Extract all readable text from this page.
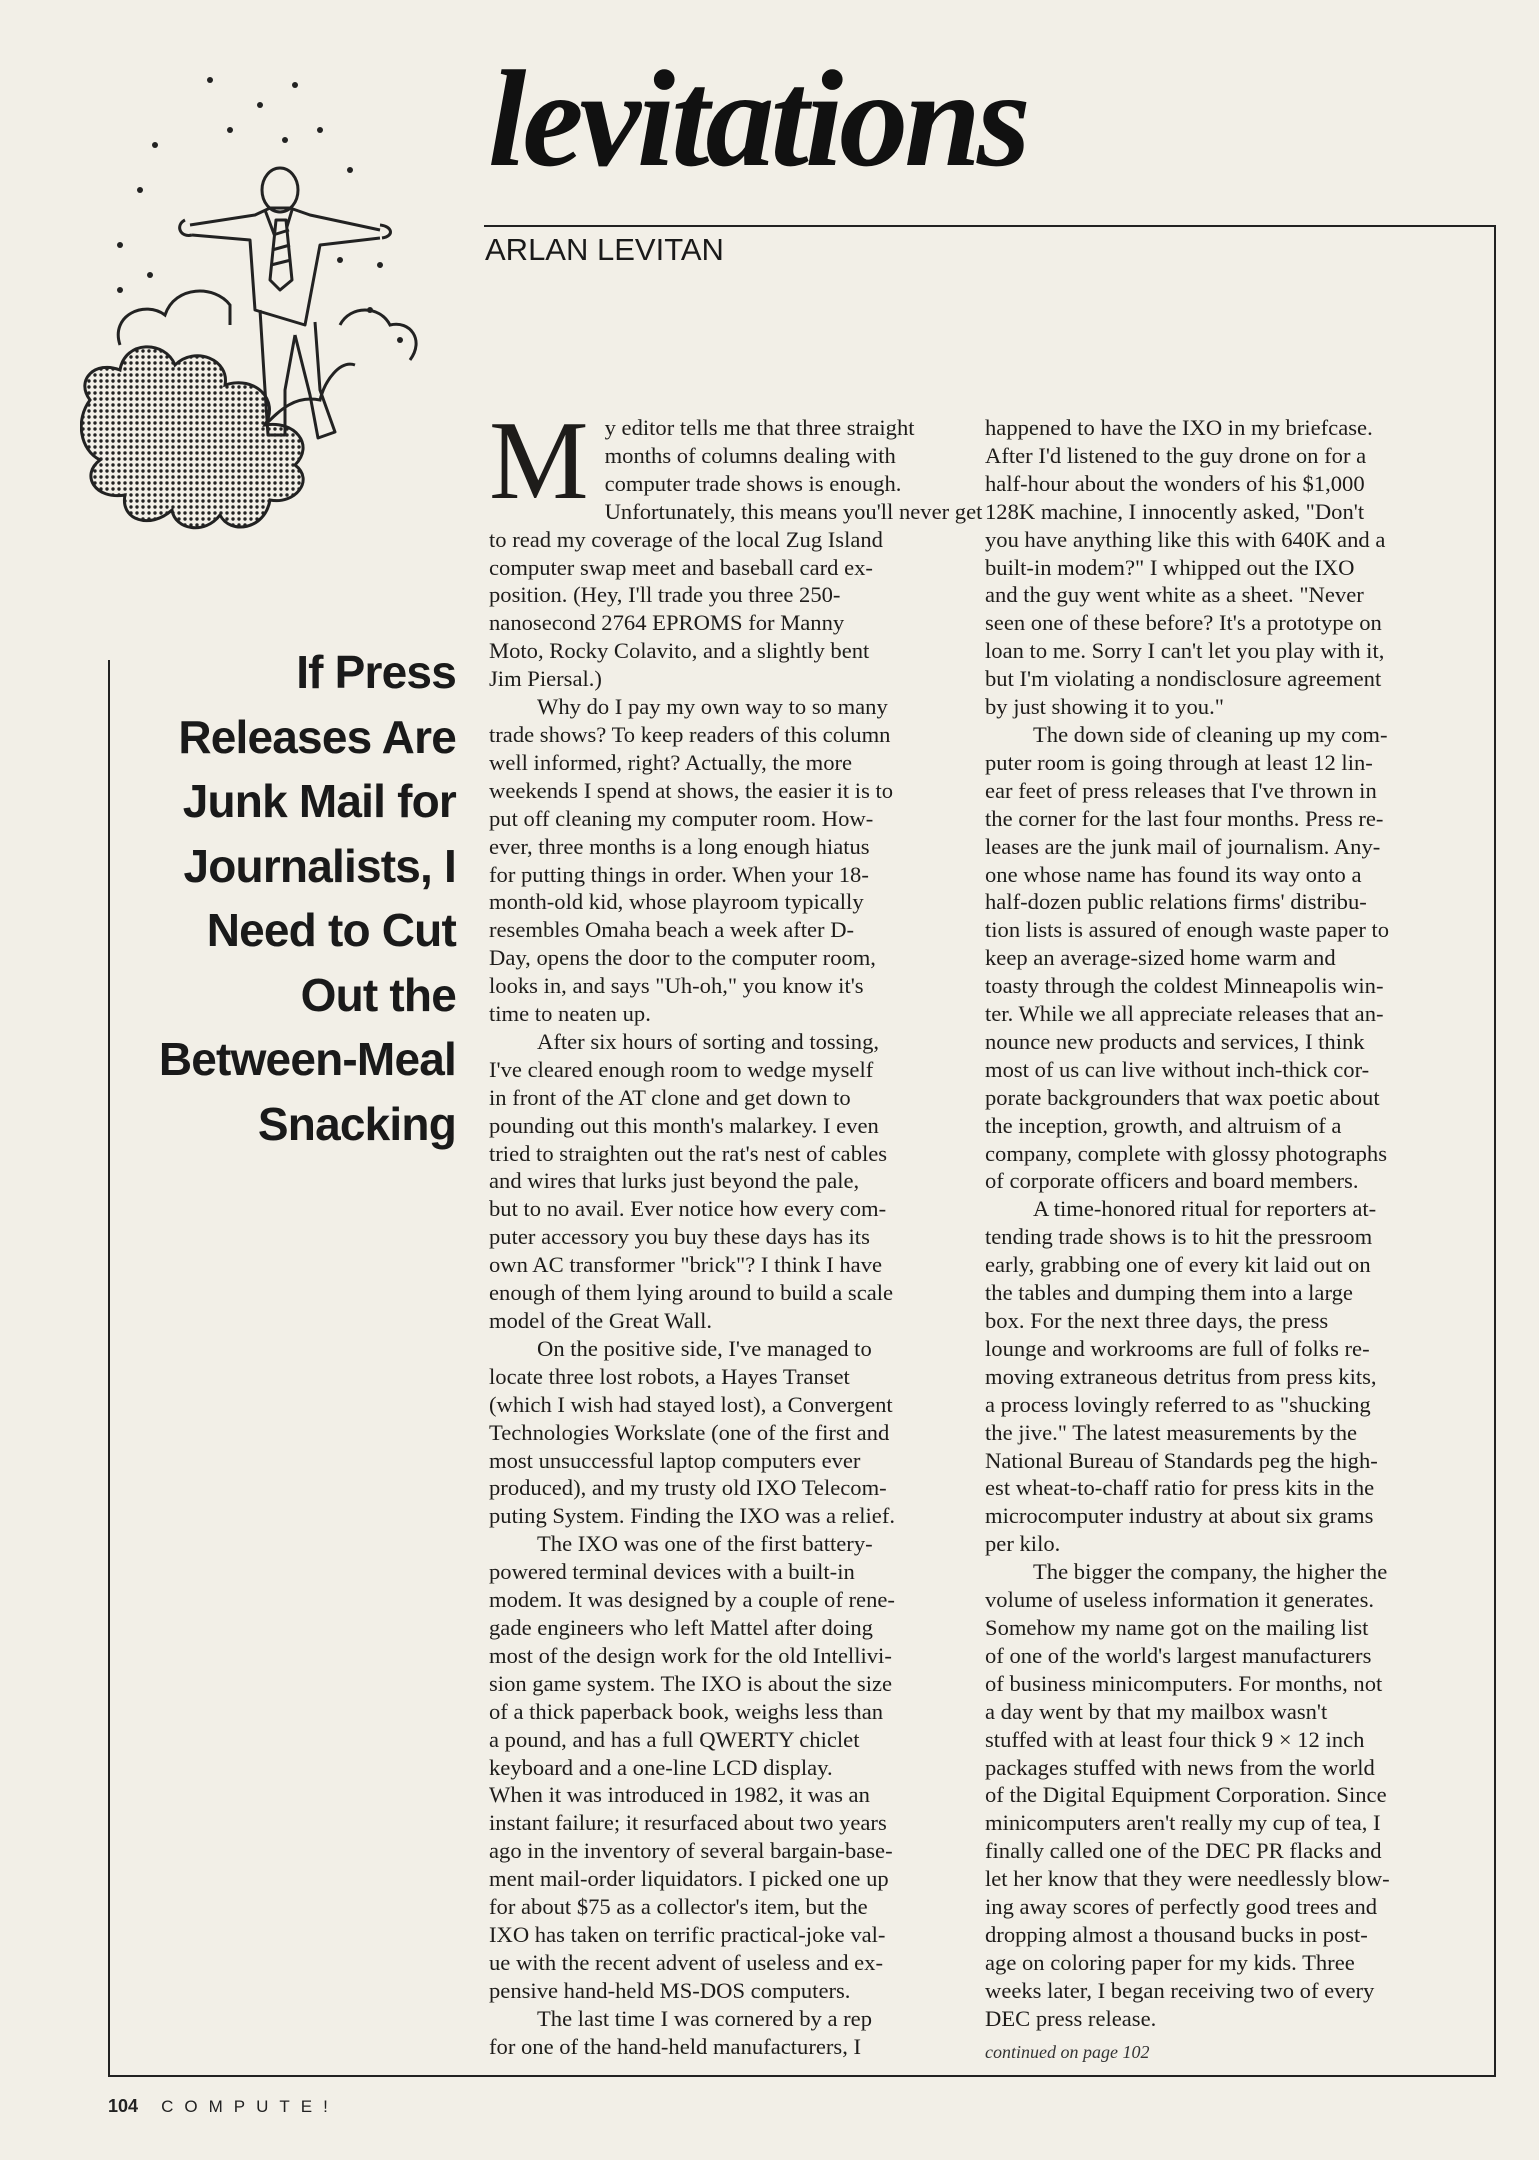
levitations
ARLAN LEVITAN
If Press
Releases Are
Junk Mail for
Journalists, I
Need to Cut
Out the
Between-Meal
Snacking
M y editor tells me that three straight
months of columns dealing with
computer trade shows is enough.
Unfortunately, this means you'll never get
to read my coverage of the local Zug Island
computer swap meet and baseball card ex-
position. (Hey, I'll trade you three 250-
nanosecond 2764 EPROMS for Manny
Moto, Rocky Colavito, and a slightly bent
Jim Piersal.)

Why do I pay my own way to so many
trade shows? To keep readers of this column
well informed, right? Actually, the more
weekends I spend at shows, the easier it is to
put off cleaning my computer room. How-
ever, three months is a long enough hiatus
for putting things in order. When your 18-
month-old kid, whose playroom typically
resembles Omaha beach a week after D-
Day, opens the door to the computer room,
looks in, and says "Uh-oh," you know it's
time to neaten up.

After six hours of sorting and tossing,
I've cleared enough room to wedge myself
in front of the AT clone and get down to
pounding out this month's malarkey. I even
tried to straighten out the rat's nest of cables
and wires that lurks just beyond the pale,
but to no avail. Ever notice how every com-
puter accessory you buy these days has its
own AC transformer "brick"? I think I have
enough of them lying around to build a scale
model of the Great Wall.

On the positive side, I've managed to
locate three lost robots, a Hayes Transet
(which I wish had stayed lost), a Convergent
Technologies Workslate (one of the first and
most unsuccessful laptop computers ever
produced), and my trusty old IXO Telecom-
puting System. Finding the IXO was a relief.

The IXO was one of the first battery-
powered terminal devices with a built-in
modem. It was designed by a couple of rene-
gade engineers who left Mattel after doing
most of the design work for the old Intellivi-
sion game system. The IXO is about the size
of a thick paperback book, weighs less than
a pound, and has a full QWERTY chiclet
keyboard and a one-line LCD display.
When it was introduced in 1982, it was an
instant failure; it resurfaced about two years
ago in the inventory of several bargain-base-
ment mail-order liquidators. I picked one up
for about $75 as a collector's item, but the
IXO has taken on terrific practical-joke val-
ue with the recent advent of useless and ex-
pensive hand-held MS-DOS computers.

The last time I was cornered by a rep
for one of the hand-held manufacturers, I

happened to have the IXO in my briefcase.
After I'd listened to the guy drone on for a
half-hour about the wonders of his $1,000
128K machine, I innocently asked, "Don't
you have anything like this with 640K and a
built-in modem?" I whipped out the IXO
and the guy went white as a sheet. "Never
seen one of these before? It's a prototype on
loan to me. Sorry I can't let you play with it,
but I'm violating a nondisclosure agreement
by just showing it to you."

The down side of cleaning up my com-
puter room is going through at least 12 lin-
ear feet of press releases that I've thrown in
the corner for the last four months. Press re-
leases are the junk mail of journalism. Any-
one whose name has found its way onto a
half-dozen public relations firms' distribu-
tion lists is assured of enough waste paper to
keep an average-sized home warm and
toasty through the coldest Minneapolis win-
ter. While we all appreciate releases that an-
nounce new products and services, I think
most of us can live without inch-thick cor-
porate backgrounders that wax poetic about
the inception, growth, and altruism of a
company, complete with glossy photographs
of corporate officers and board members.

A time-honored ritual for reporters at-
tending trade shows is to hit the pressroom
early, grabbing one of every kit laid out on
the tables and dumping them into a large
box. For the next three days, the press
lounge and workrooms are full of folks re-
moving extraneous detritus from press kits,
a process lovingly referred to as "shucking
the jive." The latest measurements by the
National Bureau of Standards peg the high-
est wheat-to-chaff ratio for press kits in the
microcomputer industry at about six grams
per kilo.

The bigger the company, the higher the
volume of useless information it generates.
Somehow my name got on the mailing list
of one of the world's largest manufacturers
of business minicomputers. For months, not
a day went by that my mailbox wasn't
stuffed with at least four thick 9 × 12 inch
packages stuffed with news from the world
of the Digital Equipment Corporation. Since
minicomputers aren't really my cup of tea, I
finally called one of the DEC PR flacks and
let her know that they were needlessly blow-
ing away scores of perfectly good trees and
dropping almost a thousand bucks in post-
age on coloring paper for my kids. Three
weeks later, I began receiving two of every
DEC press release.

continued on page 102
104 COMPUTE!
